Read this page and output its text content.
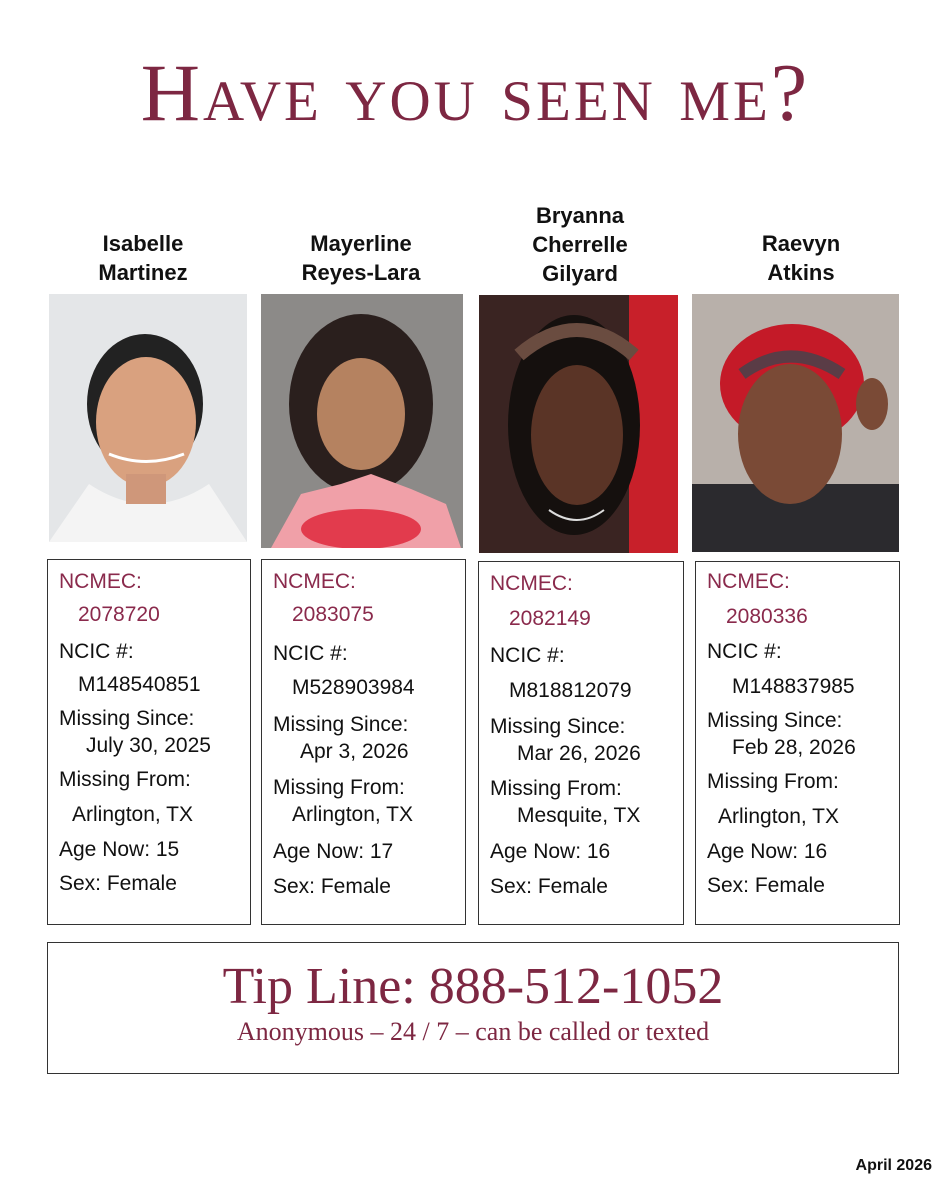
Have you seen me?
Isabelle
Martinez
NCMEC:
2078720
NCIC #:
M148540851
Missing Since:
July 30, 2025
Missing From:
Arlington, TX
Age Now: 15
Sex: Female
Mayerline
Reyes-Lara
NCMEC:
2083075
NCIC #:
M528903984
Missing Since:
Apr 3, 2026
Missing From:
Arlington, TX
Age Now: 17
Sex: Female
Bryanna
Cherrelle
Gilyard
NCMEC:
2082149
NCIC #:
M818812079
Missing Since:
Mar 26, 2026
Missing From:
Mesquite, TX
Age Now: 16
Sex: Female
Raevyn
Atkins
NCMEC:
2080336
NCIC #:
M148837985
Missing Since:
Feb 28, 2026
Missing From:
Arlington, TX
Age Now: 16
Sex: Female
Tip Line: 888-512-1052
Anonymous – 24 / 7 – can be called or texted
April 2026
